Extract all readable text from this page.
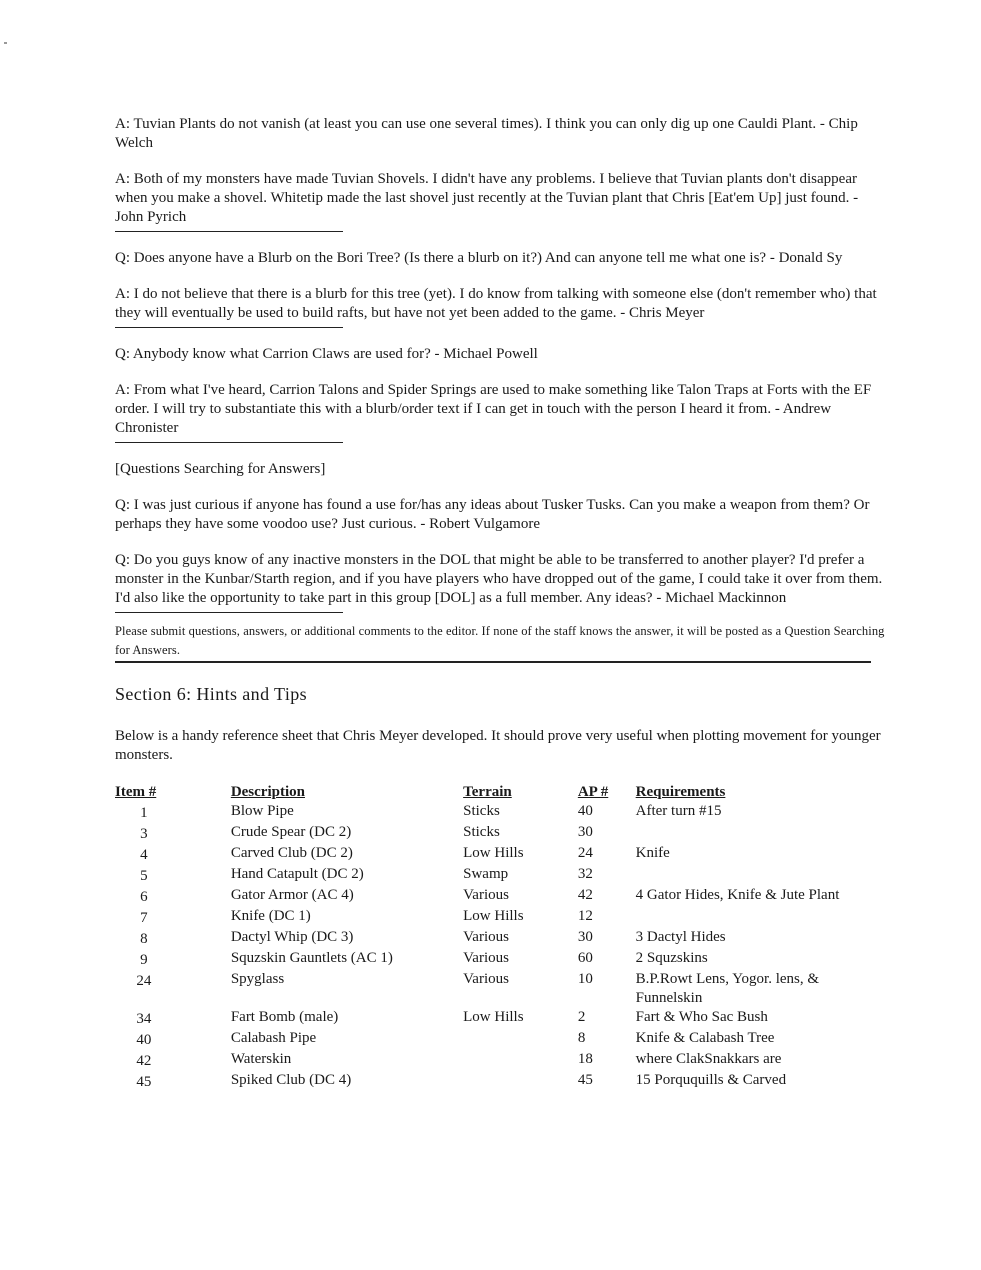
A: Tuvian Plants do not vanish (at least you can use one several times). I think you can only dig up one Cauldi Plant. - Chip Welch
A: Both of my monsters have made Tuvian Shovels. I didn't have any problems. I believe that Tuvian plants don't disappear when you make a shovel. Whitetip made the last shovel just recently at the Tuvian plant that Chris [Eat'em Up] just found. - John Pyrich
Q: Does anyone have a Blurb on the Bori Tree? (Is there a blurb on it?) And can anyone tell me what one is? - Donald Sy
A: I do not believe that there is a blurb for this tree (yet). I do know from talking with someone else (don't remember who) that they will eventually be used to build rafts, but have not yet been added to the game. - Chris Meyer
Q: Anybody know what Carrion Claws are used for? - Michael Powell
A: From what I've heard, Carrion Talons and Spider Springs are used to make something like Talon Traps at Forts with the EF order. I will try to substantiate this with a blurb/order text if I can get in touch with the person I heard it from. - Andrew Chronister
[Questions Searching for Answers]
Q: I was just curious if anyone has found a use for/has any ideas about Tusker Tusks. Can you make a weapon from them? Or perhaps they have some voodoo use? Just curious. - Robert Vulgamore
Q: Do you guys know of any inactive monsters in the DOL that might be able to be transferred to another player? I'd prefer a monster in the Kunbar/Starth region, and if you have players who have dropped out of the game, I could take it over from them. I'd also like the opportunity to take part in this group [DOL] as a full member. Any ideas? - Michael Mackinnon
Please submit questions, answers, or additional comments to the editor. If none of the staff knows the answer, it will be posted as a Question Searching for Answers.
Section 6: Hints and Tips
Below is a handy reference sheet that Chris Meyer developed. It should prove very useful when plotting movement for younger monsters.
Item #	Description	Terrain	AP #	Requirements
1	Blow Pipe	Sticks	40	After turn #15
3	Crude Spear (DC 2)	Sticks	30	
4	Carved Club (DC 2)	Low Hills	24	Knife
5	Hand Catapult (DC 2)	Swamp	32	
6	Gator Armor (AC 4)	Various	42	4 Gator Hides, Knife & Jute Plant
7	Knife (DC 1)	Low Hills	12	
8	Dactyl Whip (DC 3)	Various	30	3 Dactyl Hides
9	Squzskin Gauntlets (AC 1)	Various	60	2 Squzskins
24	Spyglass	Various	10	B.P.Rowt Lens, Yogor. lens, &
Funnelskin
34	Fart Bomb (male)	Low Hills	2	Fart & Who Sac Bush
40	Calabash Pipe		8	Knife & Calabash Tree
42	Waterskin		18	where ClakSnakkars are
45	Spiked Club (DC 4)		45	15 Porququills & Carved
